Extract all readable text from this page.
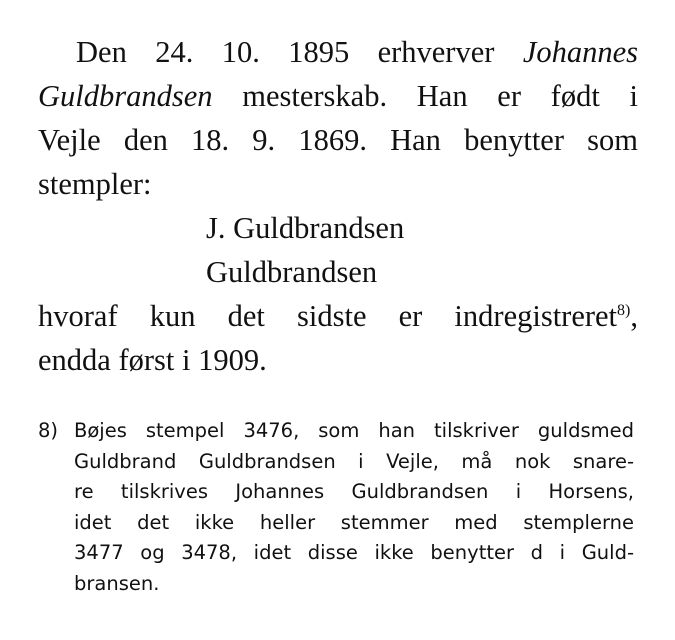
Den 24. 10. 1895 erhverver Johannes
Guldbrandsen mesterskab. Han er født i
Vejle den 18. 9. 1869. Han benytter som
stempler:
J. Guldbrandsen
Guldbrandsen
hvoraf kun det sidste er indregistreret$^{8)}$,
endda først i 1909.
8) Bøjes stempel 3476, som han tilskriver guldsmed
Guldbrand Guldbrandsen i Vejle, må nok snare-
re tilskrives Johannes Guldbrandsen i Horsens,
idet det ikke heller stemmer med stemplerne
3477 og 3478, idet disse ikke benytter d i Guld-
bransen.
